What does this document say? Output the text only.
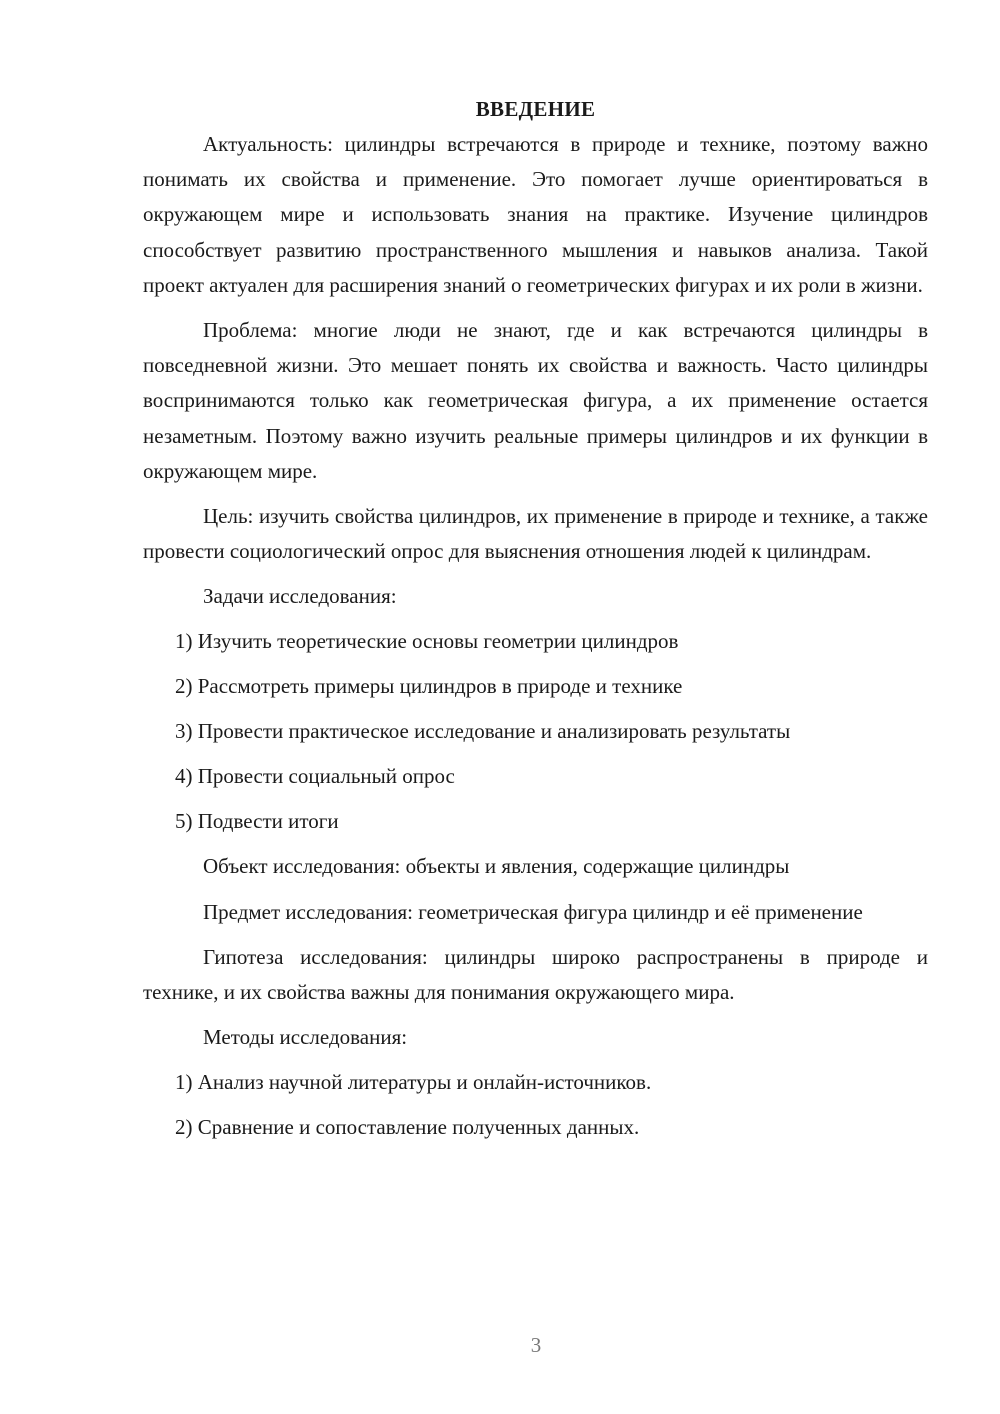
ВВЕДЕНИЕ

Актуальность: цилиндры встречаются в природе и технике, поэтому важно понимать их свойства и применение. Это помогает лучше ориентироваться в окружающем мире и использовать знания на практике. Изучение цилиндров способствует развитию пространственного мышления и навыков анализа. Такой проект актуален для расширения знаний о геометрических фигурах и их роли в жизни.

Проблема: многие люди не знают, где и как встречаются цилиндры в повседневной жизни. Это мешает понять их свойства и важность. Часто цилиндры воспринимаются только как геометрическая фигура, а их применение остается незаметным. Поэтому важно изучить реальные примеры цилиндров и их функции в окружающем мире.

Цель: изучить свойства цилиндров, их применение в природе и технике, а также провести социологический опрос для выяснения отношения людей к цилиндрам.

Задачи исследования:

1) Изучить теоретические основы геометрии цилиндров
2) Рассмотреть примеры цилиндров в природе и технике
3) Провести практическое исследование и анализировать результаты
4) Провести социальный опрос
5) Подвести итоги

Объект исследования: объекты и явления, содержащие цилиндры

Предмет исследования: геометрическая фигура цилиндр и её применение

Гипотеза исследования: цилиндры широко распространены в природе и технике, и их свойства важны для понимания окружающего мира.

Методы исследования:

1) Анализ научной литературы и онлайн-источников.
2) Сравнение и сопоставление полученных данных.
3
